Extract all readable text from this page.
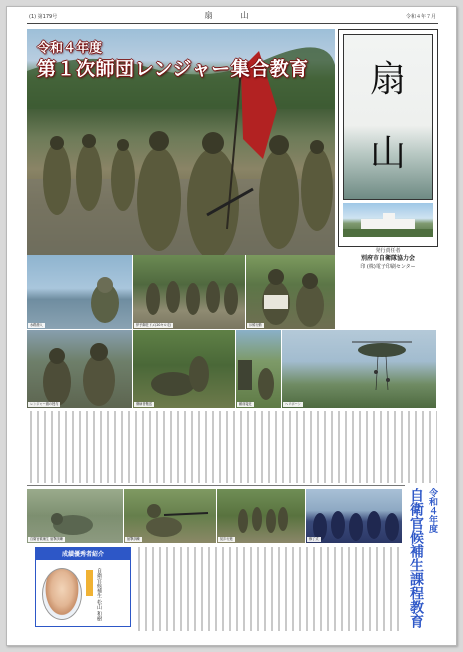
(1) 第179号	扇　山	令和４年７月
令和４年度
第１次師団レンジャー集合教育	扇
山
発行責任者
別府市自衛隊協力会
印 (株)電子印刷センター
水路潜入	伊予御荘ドメ(20キロ走)	斥候行動
レンジャー旗の授与	傷病者搬送	敵前接近	ヘリボーン
自衛官候補生 射撃訓練	射撃訓練	徒歩行進	修了式
令和４年度
自衛官候補生課程教育
成績優秀者紹介
自衛官候補生 松山 和樹
